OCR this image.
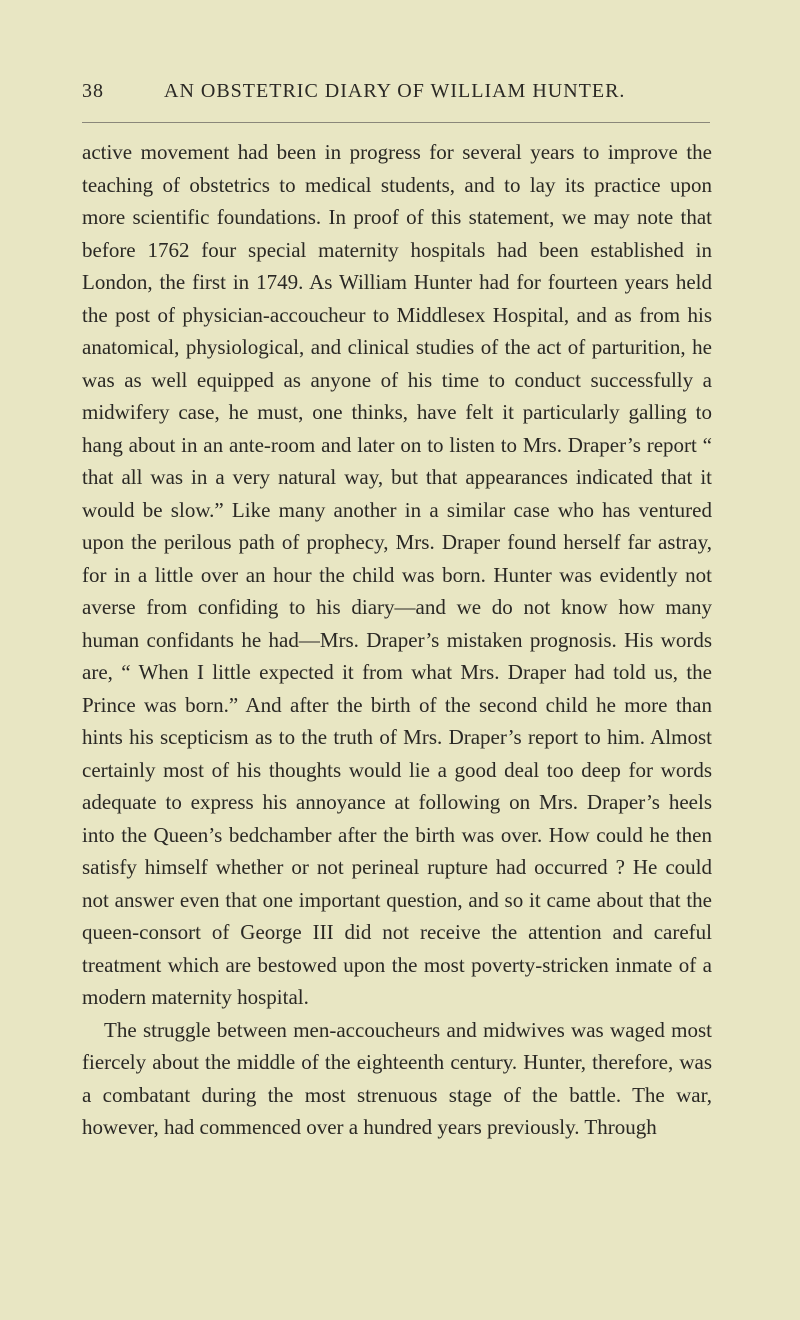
38	AN OBSTETRIC DIARY OF WILLIAM HUNTER.

active movement had been in progress for several years to improve the teaching of obstetrics to medical students, and to lay its practice upon more scientific foundations. In proof of this statement, we may note that before 1762 four special maternity hospitals had been established in London, the first in 1749. As William Hunter had for fourteen years held the post of physician-accoucheur to Middlesex Hospital, and as from his anatomical, physiological, and clinical studies of the act of parturition, he was as well equipped as anyone of his time to conduct successfully a midwifery case, he must, one thinks, have felt it particularly galling to hang about in an ante-room and later on to listen to Mrs. Draper’s report “ that all was in a very natural way, but that appearances indicated that it would be slow.” Like many another in a similar case who has ventured upon the perilous path of prophecy, Mrs. Draper found herself far astray, for in a little over an hour the child was born. Hunter was evidently not averse from confiding to his diary—and we do not know how many human confidants he had—Mrs. Draper’s mistaken prognosis. His words are, “ When I little expected it from what Mrs. Draper had told us, the Prince was born.” And after the birth of the second child he more than hints his scepticism as to the truth of Mrs. Draper’s report to him. Almost certainly most of his thoughts would lie a good deal too deep for words adequate to express his annoyance at following on Mrs. Draper’s heels into the Queen’s bedchamber after the birth was over. How could he then satisfy himself whether or not perineal rupture had occurred ? He could not answer even that one important question, and so it came about that the queen-consort of George III did not receive the attention and careful treatment which are bestowed upon the most poverty-stricken inmate of a modern maternity hospital.

The struggle between men-accoucheurs and midwives was waged most fiercely about the middle of the eighteenth century. Hunter, therefore, was a combatant during the most strenuous stage of the battle. The war, however, had commenced over a hundred years previously. Through
